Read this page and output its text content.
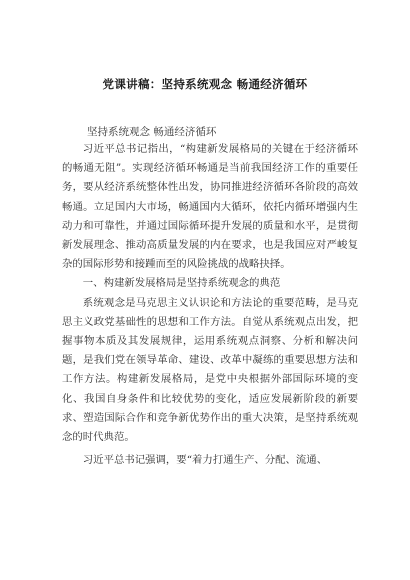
党课讲稿：坚持系统观念 畅通经济循环
坚持系统观念 畅通经济循环

习近平总书记指出，“构建新发展格局的关键在于经济循环的畅通无阻”。实现经济循环畅通是当前我国经济工作的重要任务，要从经济系统整体性出发，协同推进经济循环各阶段的高效畅通。立足国内大市场，畅通国内大循环，依托内循环增强内生动力和可靠性，并通过国际循环提升发展的质量和水平，是贯彻新发展理念、推动高质量发展的内在要求，也是我国应对严峻复杂的国际形势和接踵而至的风险挑战的战略抉择。

一、构建新发展格局是坚持系统观念的典范

系统观念是马克思主义认识论和方法论的重要范畴，是马克思主义政党基础性的思想和工作方法。自觉从系统观点出发，把握事物本质及其发展规律，运用系统观点洞察、分析和解决问题，是我们党在领导革命、建设、改革中凝练的重要思想方法和工作方法。构建新发展格局，是党中央根据外部国际环境的变化、我国自身条件和比较优势的变化，适应发展新阶段的新要求、塑造国际合作和竞争新优势作出的重大决策，是坚持系统观念的时代典范。

习近平总书记强调，要“着力打通生产、分配、流通、
